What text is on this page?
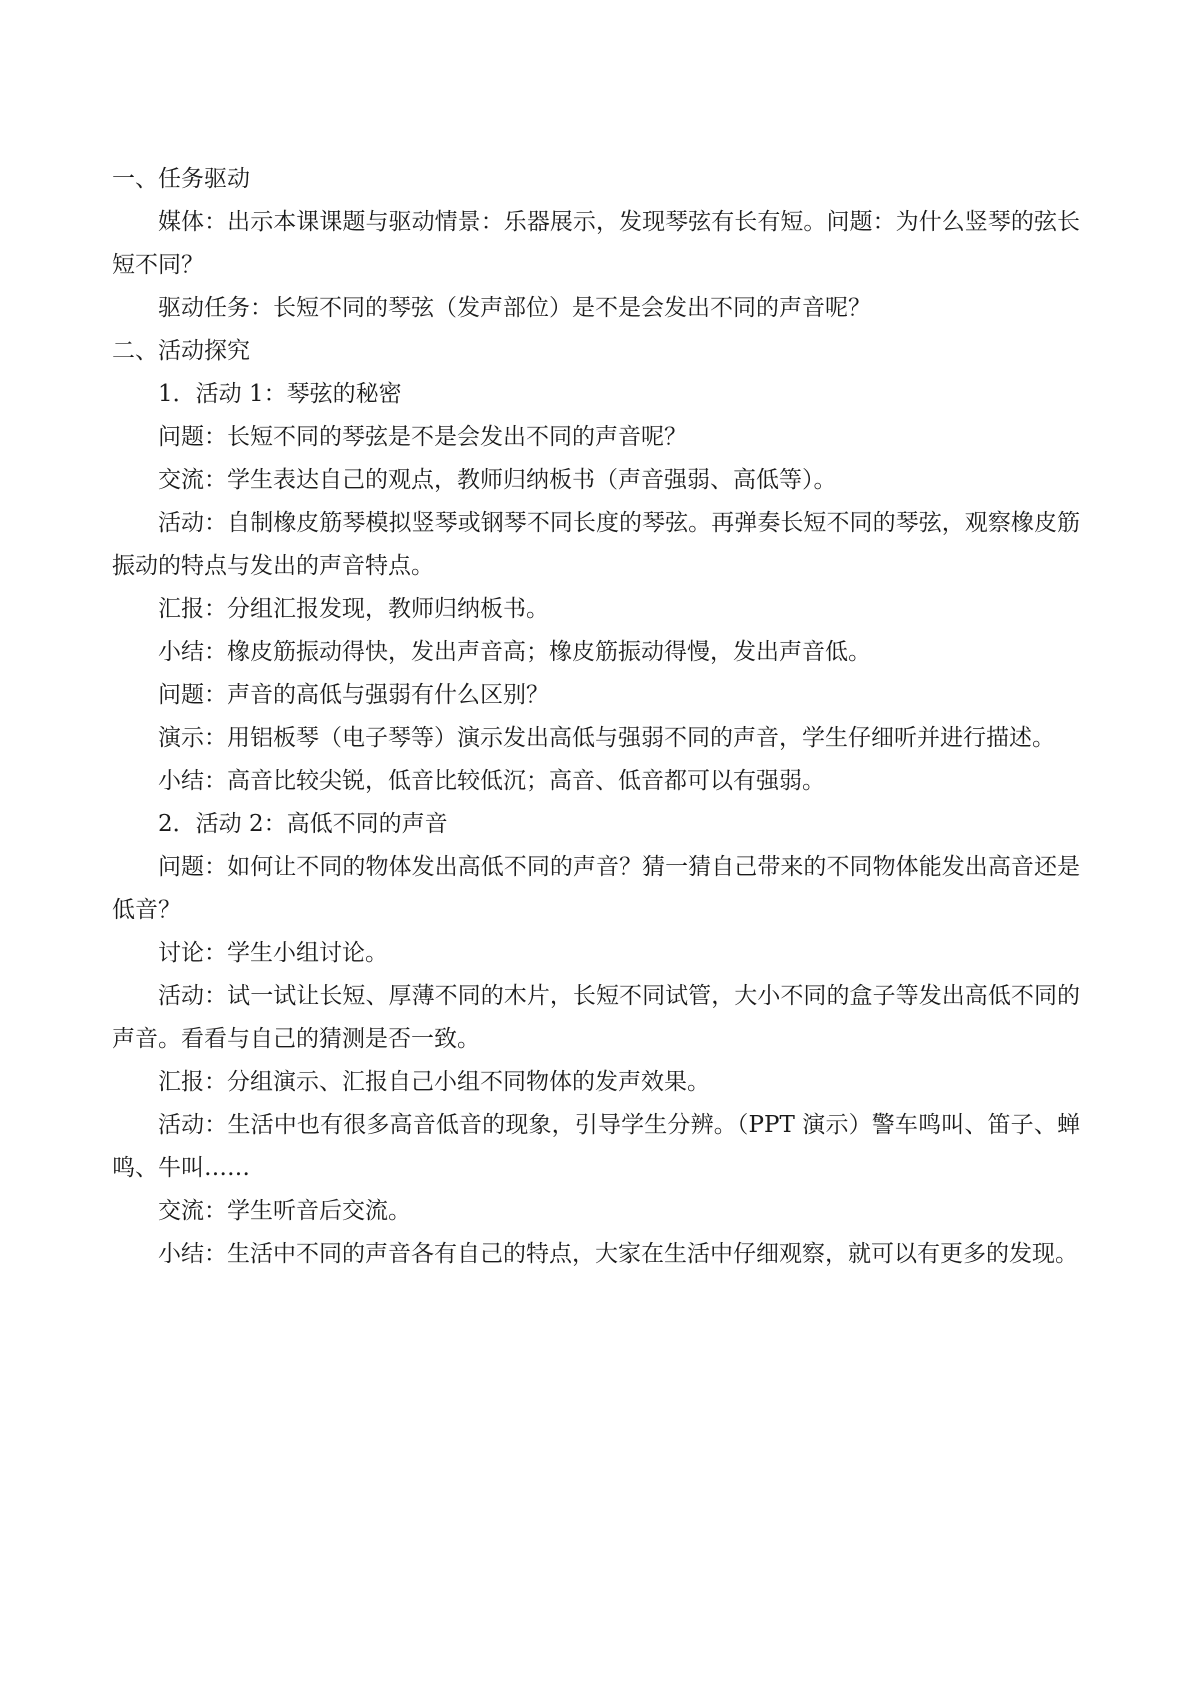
一、任务驱动

媒体：出示本课课题与驱动情景：乐器展示，发现琴弦有长有短。问题：为什么竖琴的弦长短不同？

驱动任务：长短不同的琴弦（发声部位）是不是会发出不同的声音呢？

二、活动探究

1．活动 1：琴弦的秘密

问题：长短不同的琴弦是不是会发出不同的声音呢？

交流：学生表达自己的观点，教师归纳板书（声音强弱、高低等）。

活动：自制橡皮筋琴模拟竖琴或钢琴不同长度的琴弦。再弹奏长短不同的琴弦，观察橡皮筋振动的特点与发出的声音特点。

汇报：分组汇报发现，教师归纳板书。

小结：橡皮筋振动得快，发出声音高；橡皮筋振动得慢，发出声音低。

问题：声音的高低与强弱有什么区别？

演示：用铝板琴（电子琴等）演示发出高低与强弱不同的声音，学生仔细听并进行描述。

小结：高音比较尖锐，低音比较低沉；高音、低音都可以有强弱。

2．活动 2：高低不同的声音

问题：如何让不同的物体发出高低不同的声音？猜一猜自己带来的不同物体能发出高音还是低音？

讨论：学生小组讨论。

活动：试一试让长短、厚薄不同的木片，长短不同试管，大小不同的盒子等发出高低不同的声音。看看与自己的猜测是否一致。

汇报：分组演示、汇报自己小组不同物体的发声效果。

活动：生活中也有很多高音低音的现象，引导学生分辨。（PPT 演示）警车鸣叫、笛子、蝉鸣、牛叫……

交流：学生听音后交流。

小结：生活中不同的声音各有自己的特点，大家在生活中仔细观察，就可以有更多的发现。
